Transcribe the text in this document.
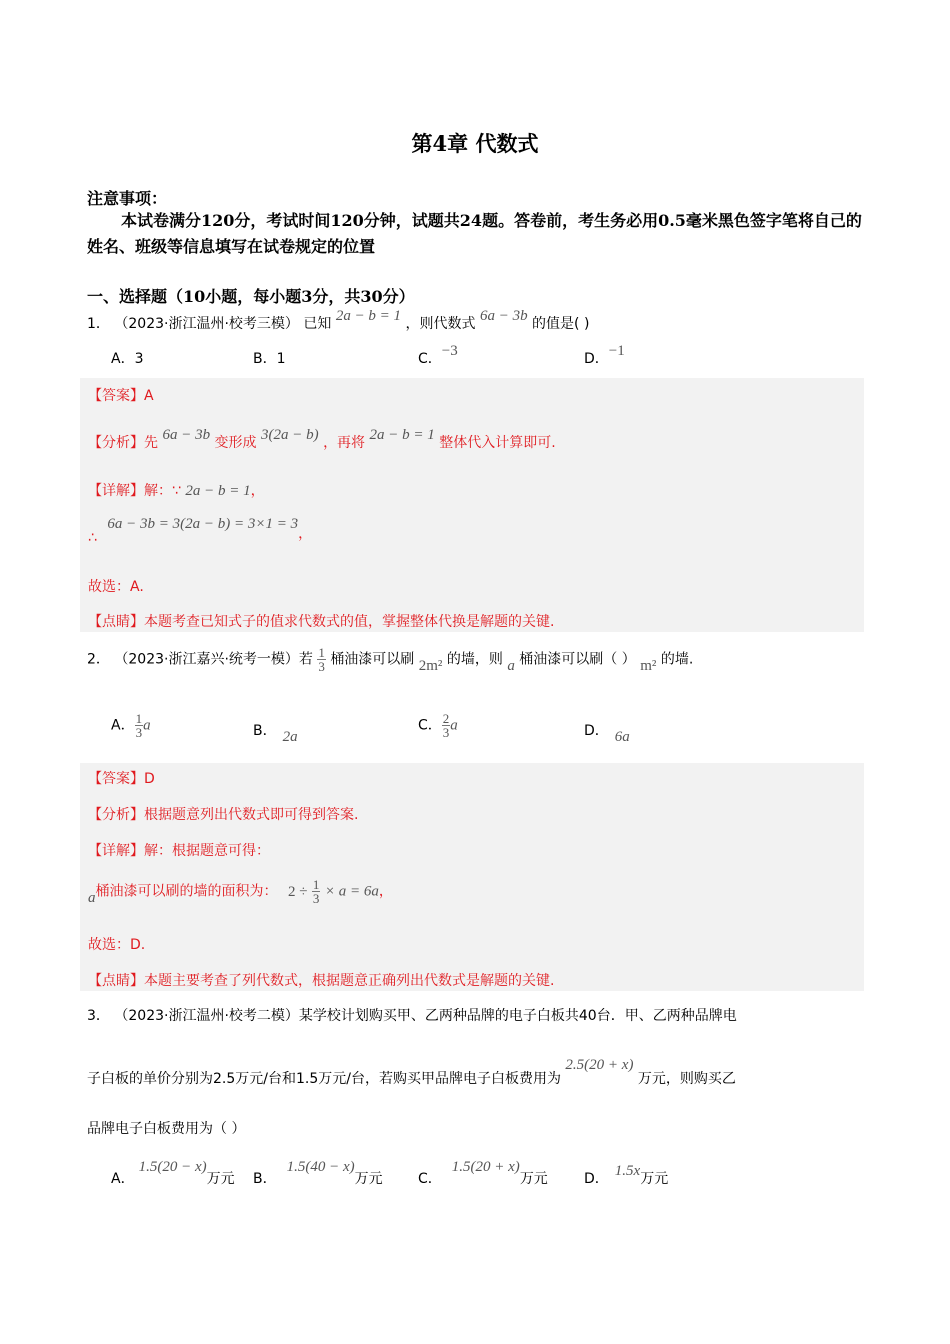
第4章 代数式
注意事项：
本试卷满分120分，考试时间120分钟，试题共24题。答卷前，考生务必用0.5毫米黑色签字笔将自己的姓名、班级等信息填写在试卷规定的位置
一、选择题（10小题，每小题3分，共30分）
1． （2023·浙江温州·校考三模） 已知 2a − b = 1 ，则代数式 6a − 3b 的值是( )
A．3	B．1	C．−3	D．−1
【答案】A
【分析】先 6a − 3b 变形成 3(2a − b) ，再将 2a − b = 1 整体代入计算即可.
【详解】解：∵ 2a − b = 1，
∴ 6a − 3b = 3(2a − b) = 3×1 = 3，
故选：A.
【点睛】本题考查已知式子的值求代数式的值，掌握整体代换是解题的关键.
2． （2023·浙江嘉兴·统考一模）若 $\frac{1}{3}$ 桶油漆可以刷 2m² 的墙，则 a 桶油漆可以刷（ ） m² 的墙.
A． $\frac{1}{3}$ a	B． 2a
C． $\frac{2}{3}$ a	D． 6a
【答案】D
【分析】根据题意列出代数式即可得到答案.
【详解】解：根据题意可得：
a桶油漆可以刷的墙的面积为： $2 \div \frac{1}{3} \times a = 6a$，
故选：D.
【点睛】本题主要考查了列代数式，根据题意正确列出代数式是解题的关键.
3． （2023·浙江温州·校考二模）某学校计划购买甲、乙两种品牌的电子白板共40台．甲、乙两种品牌电
子白板的单价分别为2.5万元/台和1.5万元/台，若购买甲品牌电子白板费用为 2.5(20 + x) 万元，则购买乙
品牌电子白板费用为（ ）
A．1.5(20 − x)万元 B．1.5(40 − x)万元	C．1.5(20 + x)万元	D． 1.5x万元
